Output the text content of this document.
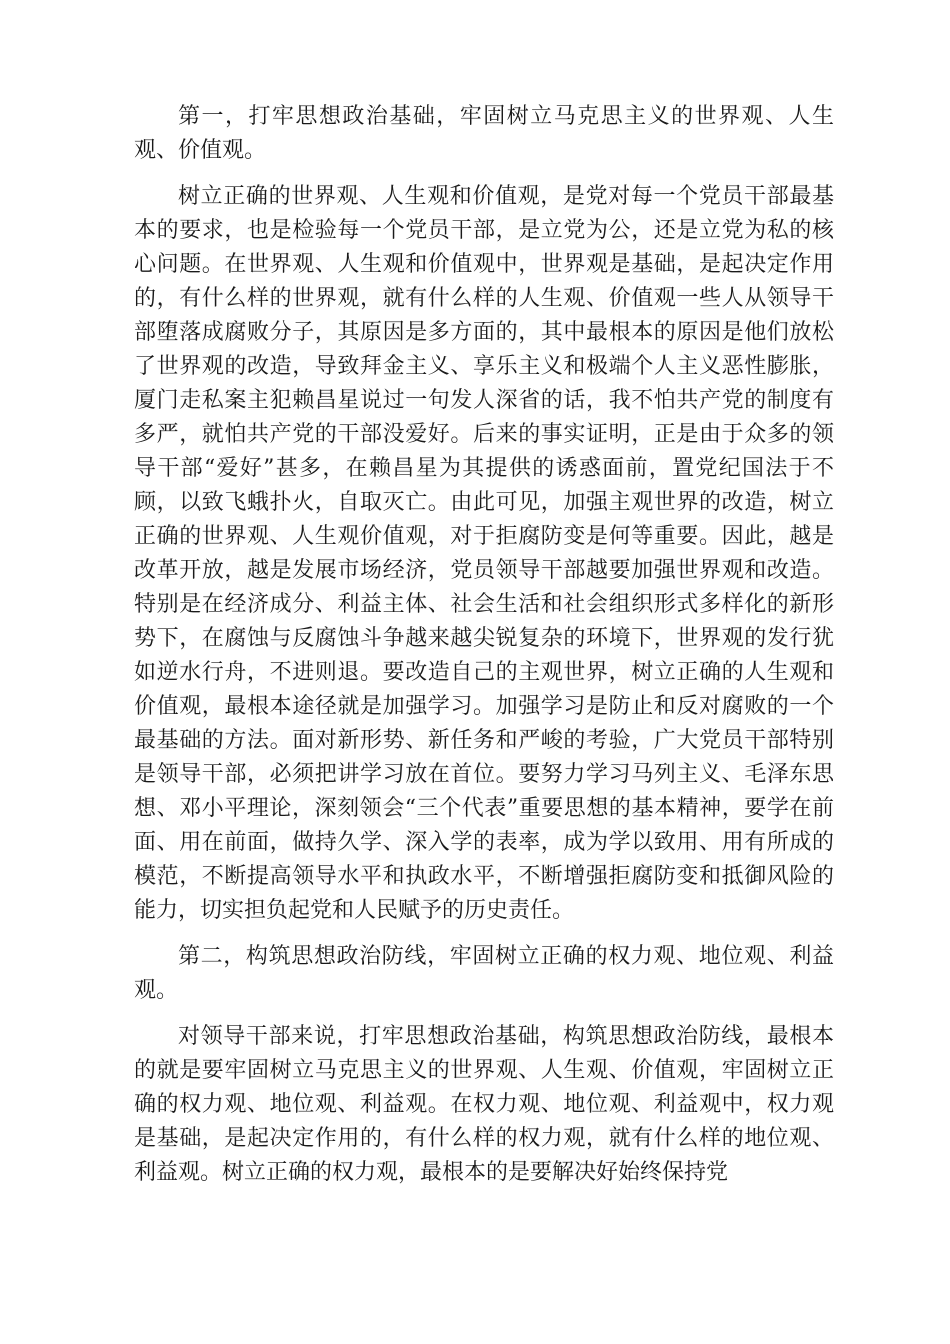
第一，打牢思想政治基础，牢固树立马克思主义的世界观、人生观、价值观。

树立正确的世界观、人生观和价值观，是党对每一个党员干部最基本的要求，也是检验每一个党员干部，是立党为公，还是立党为私的核心问题。在世界观、人生观和价值观中，世界观是基础，是起决定作用的，有什么样的世界观，就有什么样的人生观、价值观一些人从领导干部堕落成腐败分子，其原因是多方面的，其中最根本的原因是他们放松了世界观的改造，导致拜金主义、享乐主义和极端个人主义恶性膨胀，厦门走私案主犯赖昌星说过一句发人深省的话，我不怕共产党的制度有多严，就怕共产党的干部没爱好。后来的事实证明，正是由于众多的领导干部“爱好”甚多，在赖昌星为其提供的诱惑面前，置党纪国法于不顾，以致飞蛾扑火，自取灭亡。由此可见，加强主观世界的改造，树立正确的世界观、人生观价值观，对于拒腐防变是何等重要。因此，越是改革开放，越是发展市场经济，党员领导干部越要加强世界观和改造。特别是在经济成分、利益主体、社会生活和社会组织形式多样化的新形势下，在腐蚀与反腐蚀斗争越来越尖锐复杂的环境下，世界观的发行犹如逆水行舟，不进则退。要改造自己的主观世界，树立正确的人生观和价值观，最根本途径就是加强学习。加强学习是防止和反对腐败的一个最基础的方法。面对新形势、新任务和严峻的考验，广大党员干部特别是领导干部，必须把讲学习放在首位。要努力学习马列主义、毛泽东思想、邓小平理论，深刻领会“三个代表”重要思想的基本精神，要学在前面、用在前面，做持久学、深入学的表率，成为学以致用、用有所成的模范，不断提高领导水平和执政水平，不断增强拒腐防变和抵御风险的能力，切实担负起党和人民赋予的历史责任。

第二，构筑思想政治防线，牢固树立正确的权力观、地位观、利益观。

对领导干部来说，打牢思想政治基础，构筑思想政治防线，最根本的就是要牢固树立马克思主义的世界观、人生观、价值观，牢固树立正确的权力观、地位观、利益观。在权力观、地位观、利益观中，权力观是基础，是起决定作用的，有什么样的权力观，就有什么样的地位观、利益观。树立正确的权力观，最根本的是要解决好始终保持党
